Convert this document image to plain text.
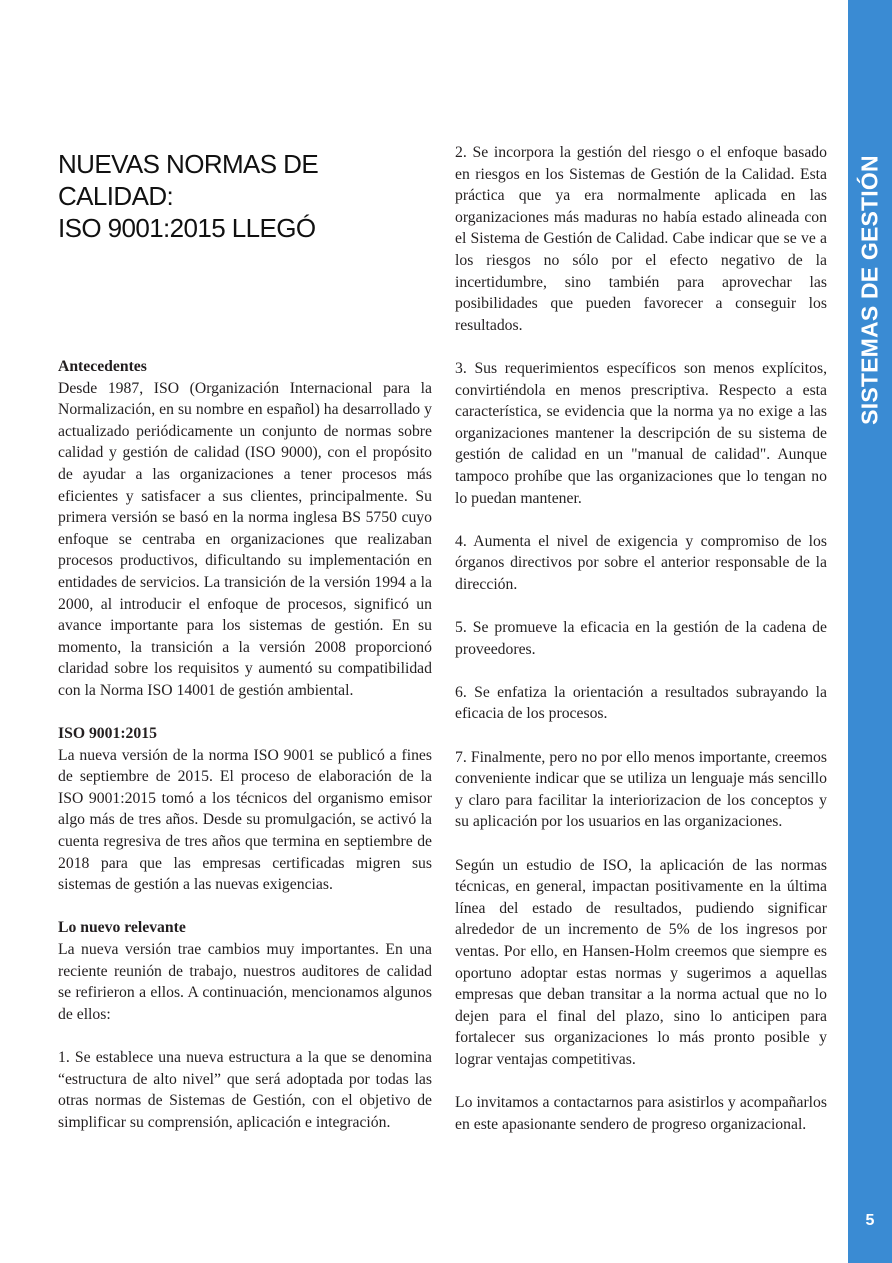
NUEVAS NORMAS DE CALIDAD:
ISO 9001:2015 LLEGÓ
Antecedentes

Desde 1987, ISO (Organización Internacional para la Normalización, en su nombre en español) ha desarrollado y actualizado periódicamente un conjunto de normas sobre calidad y gestión de calidad (ISO 9000), con el propósito de ayudar a las organizaciones a tener procesos más eficientes y satisfacer a sus clientes, principalmente. Su primera versión se basó en la norma inglesa BS 5750 cuyo enfoque se centraba en organizaciones que realizaban procesos productivos, dificultando su implementación en entidades de servicios. La transición de la versión 1994 a la 2000, al introducir el enfoque de procesos, significó un avance importante para los sistemas de gestión. En su momento, la transición a la versión 2008 proporcionó claridad sobre los requisitos y aumentó su compatibilidad con la Norma ISO 14001 de gestión ambiental.

ISO 9001:2015

La nueva versión de la norma ISO 9001 se publicó a fines de septiembre de 2015. El proceso de elaboración de la ISO 9001:2015 tomó a los técnicos del organismo emisor algo más de tres años. Desde su promulgación, se activó la cuenta regresiva de tres años que termina en septiembre de 2018 para que las empresas certificadas migren sus sistemas de gestión a las nuevas exigencias.

Lo nuevo relevante

La nueva versión trae cambios muy importantes. En una reciente reunión de trabajo, nuestros auditores de calidad se refirieron a ellos. A continuación, mencionamos algunos de ellos:

1. Se establece una nueva estructura a la que se denomina “estructura de alto nivel” que será adoptada por todas las otras normas de Sistemas de Gestión, con el objetivo de simplificar su comprensión, aplicación e integración.

2. Se incorpora la gestión del riesgo o el enfoque basado en riesgos en los Sistemas de Gestión de la Calidad. Esta práctica que ya era normalmente aplicada en las organizaciones más maduras no había estado alineada con el Sistema de Gestión de Calidad. Cabe indicar que se ve a los riesgos no sólo por el efecto negativo de la incertidumbre, sino también para aprovechar las posibilidades que pueden favorecer a conseguir los resultados.

3. Sus requerimientos específicos son menos explícitos, convirtiéndola en menos prescriptiva. Respecto a esta característica, se evidencia que la norma ya no exige a las organizaciones mantener la descripción de su sistema de gestión de calidad en un "manual de calidad". Aunque tampoco prohíbe que las organizaciones que lo tengan no lo puedan mantener.

4. Aumenta el nivel de exigencia y compromiso de los órganos directivos por sobre el anterior responsable de la dirección.

5. Se promueve la eficacia en la gestión de la cadena de proveedores.

6. Se enfatiza la orientación a resultados subrayando la eficacia de los procesos.

7. Finalmente, pero no por ello menos importante, creemos conveniente indicar que se utiliza un lenguaje más sencillo y claro para facilitar la interiorizacion de los conceptos y su aplicación por los usuarios en las organizaciones.

Según un estudio de ISO, la aplicación de las normas técnicas, en general, impactan positivamente en la última línea del estado de resultados, pudiendo significar alrededor de un incremento de 5% de los ingresos por ventas. Por ello, en Hansen-Holm creemos que siempre es oportuno adoptar estas normas y sugerimos a aquellas empresas que deban transitar a la norma actual que no lo dejen para el final del plazo, sino lo anticipen para fortalecer sus organizaciones lo más pronto posible y lograr ventajas competitivas.

Lo invitamos a contactarnos para asistirlos y acompañarlos en este apasionante sendero de progreso organizacional.

SISTEMAS DE GESTIÓN
5
